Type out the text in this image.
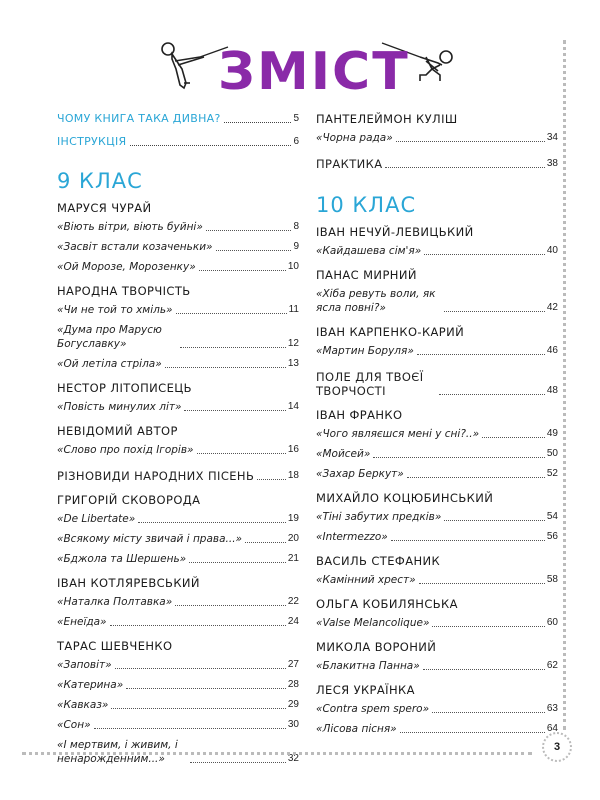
ЗМІСТ
ЧОМУ КНИГА ТАКА ДИВНА?	5
ІНСТРУКЦІЯ	6
9 КЛАС
МАРУСЯ ЧУРАЙ
«Віють вітри, віють буйні»	8
«Засвіт встали козаченьки»	9
«Ой Морозе, Морозенку»	10
НАРОДНА ТВОРЧІСТЬ
«Чи не той то хміль»	11
«Дума про Марусю Богуславку»	12
«Ой летіла стріла»	13
НЕСТОР ЛІТОПИСЕЦЬ
«Повість минулих літ»	14
НЕВІДОМИЙ АВТОР
«Слово про похід Ігорів»	16
РІЗНОВИДИ НАРОДНИХ ПІСЕНЬ	18
ГРИГОРІЙ СКОВОРОДА
«De Libertate»	19
«Всякому місту звичай і права...»	20
«Бджола та Шершень»	21
ІВАН КОТЛЯРЕВСЬКИЙ
«Наталка Полтавка»	22
«Енеїда»	24
ТАРАС ШЕВЧЕНКО
«Заповіт»	27
«Катерина»	28
«Кавказ»	29
«Сон»	30
«І мертвим, і живим, і ненарожденним...»	32
ПАНТЕЛЕЙМОН КУЛІШ
«Чорна рада»	34
ПРАКТИКА	38
10 КЛАС
ІВАН НЕЧУЙ-ЛЕВИЦЬКИЙ
«Кайдашева сім'я»	40
ПАНАС МИРНИЙ
«Хіба ревуть воли, як ясла повні?»	42
ІВАН КАРПЕНКО-КАРИЙ
«Мартин Боруля»	46
ПОЛЕ ДЛЯ ТВОЄЇ ТВОРЧОСТІ	48
ІВАН ФРАНКО
«Чого являєшся мені у сні?..»	49
«Мойсей»	50
«Захар Беркут»	52
МИХАЙЛО КОЦЮБИНСЬКИЙ
«Тіні забутих предків»	54
«Intermezzo»	56
ВАСИЛЬ СТЕФАНИК
«Камінний хрест»	58
ОЛЬГА КОБИЛЯНСЬКА
«Valse Melancolique»	60
МИКОЛА ВОРОНИЙ
«Блакитна Панна»	62
ЛЕСЯ УКРАЇНКА
«Contra spem spero»	63
«Лісова пісня»	64
3
